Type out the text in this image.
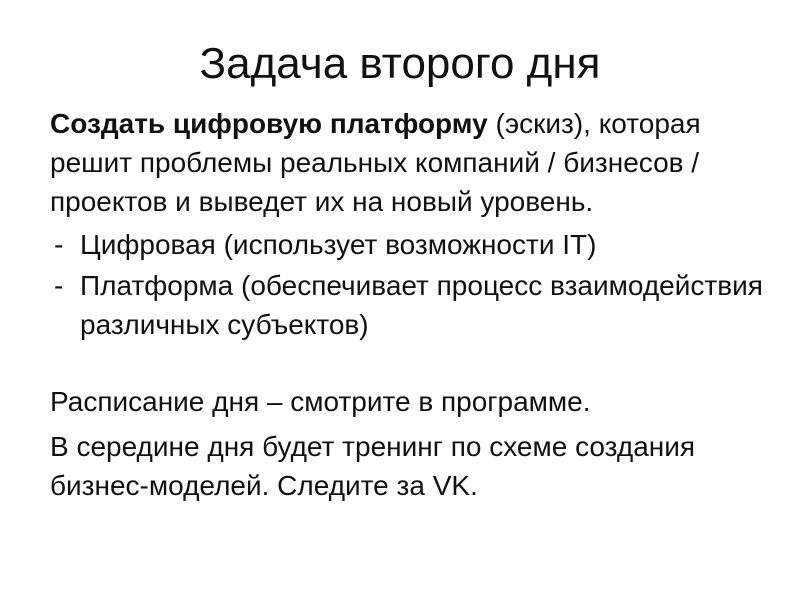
Задача второго дня

Создать цифровую платформу (эскиз), которая решит проблемы реальных компаний / бизнесов / проектов и выведет их на новый уровень.

- Цифровая (использует возможности IT)
- Платформа (обеспечивает процесс взаимодействия различных субъектов)

Расписание дня – смотрите в программе.

В середине дня будет тренинг по схеме создания бизнес-моделей. Следите за VK.
